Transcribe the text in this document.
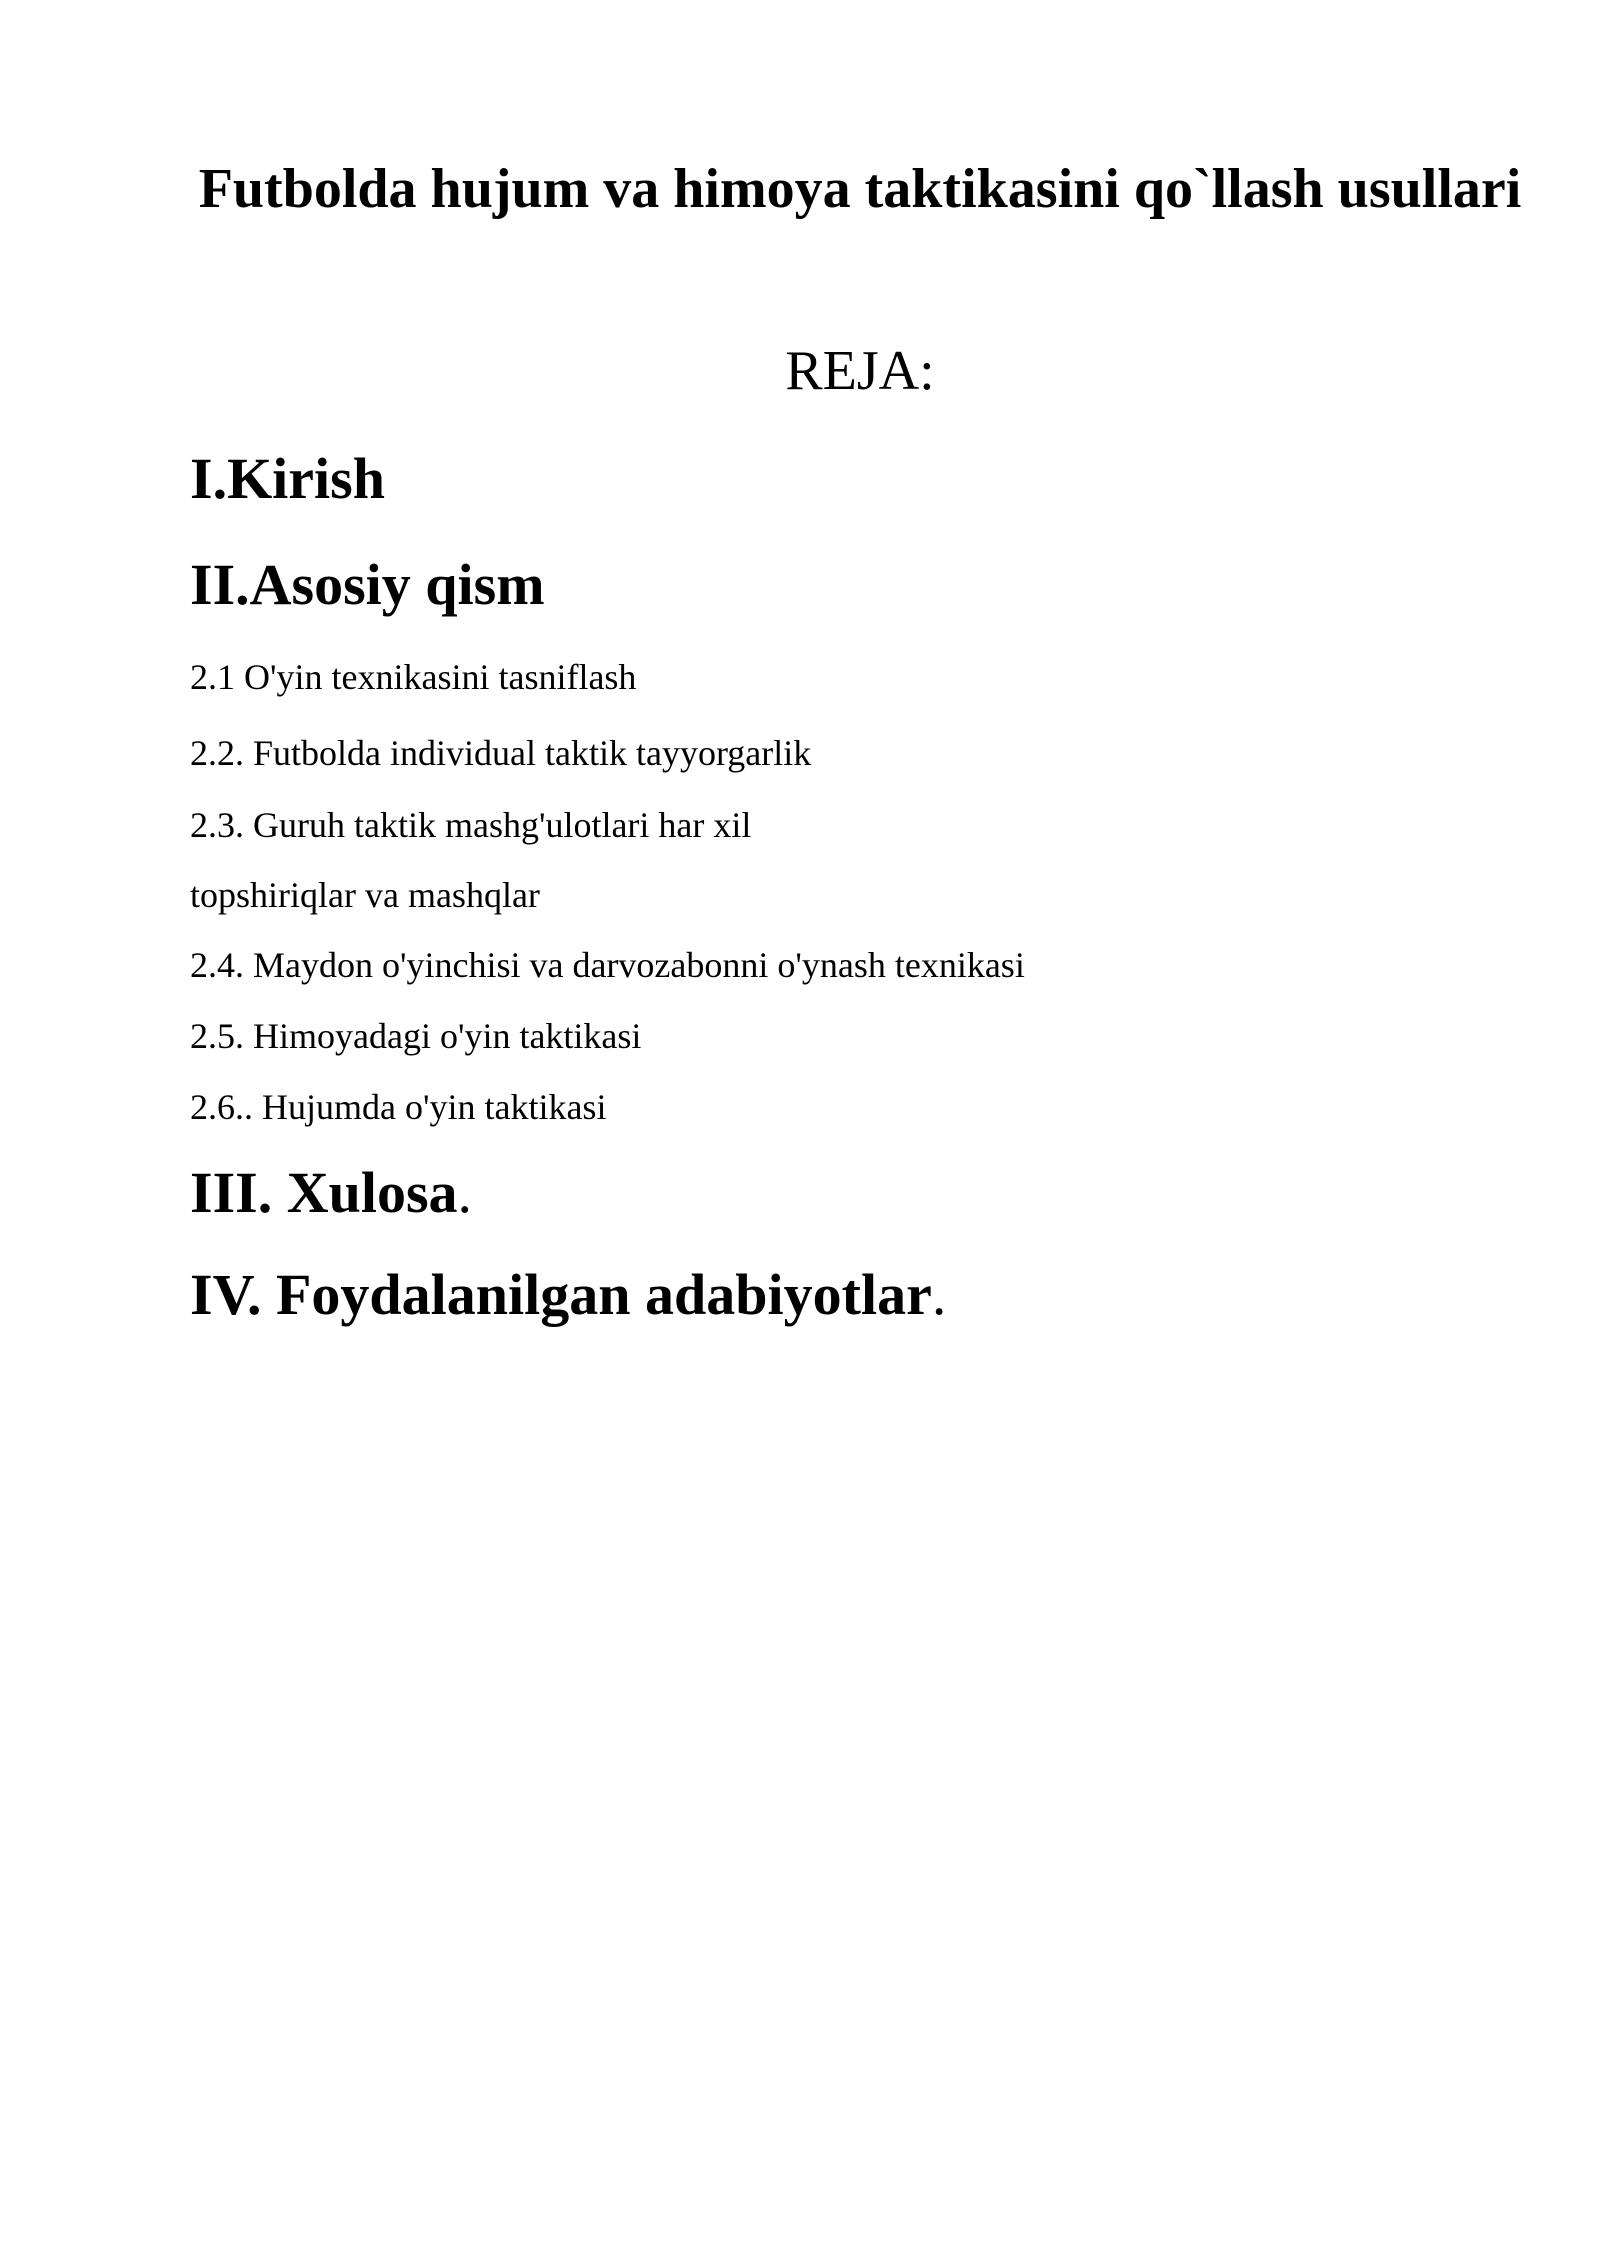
Futbolda hujum va himoya taktikasini qo`llash usullari
REJA:
I.Kirish
II.Asosiy qism
2.1 O'yin texnikasini tasniflash
2.2. Futbolda individual taktik tayyorgarlik
2.3. Guruh taktik mashg'ulotlari har xil
topshiriqlar va mashqlar
2.4. Maydon o'yinchisi va darvozabonni o'ynash texnikasi
2.5. Himoyadagi o'yin taktikasi
2.6.. Hujumda o'yin taktikasi
III. Xulosa.
IV. Foydalanilgan adabiyotlar.
